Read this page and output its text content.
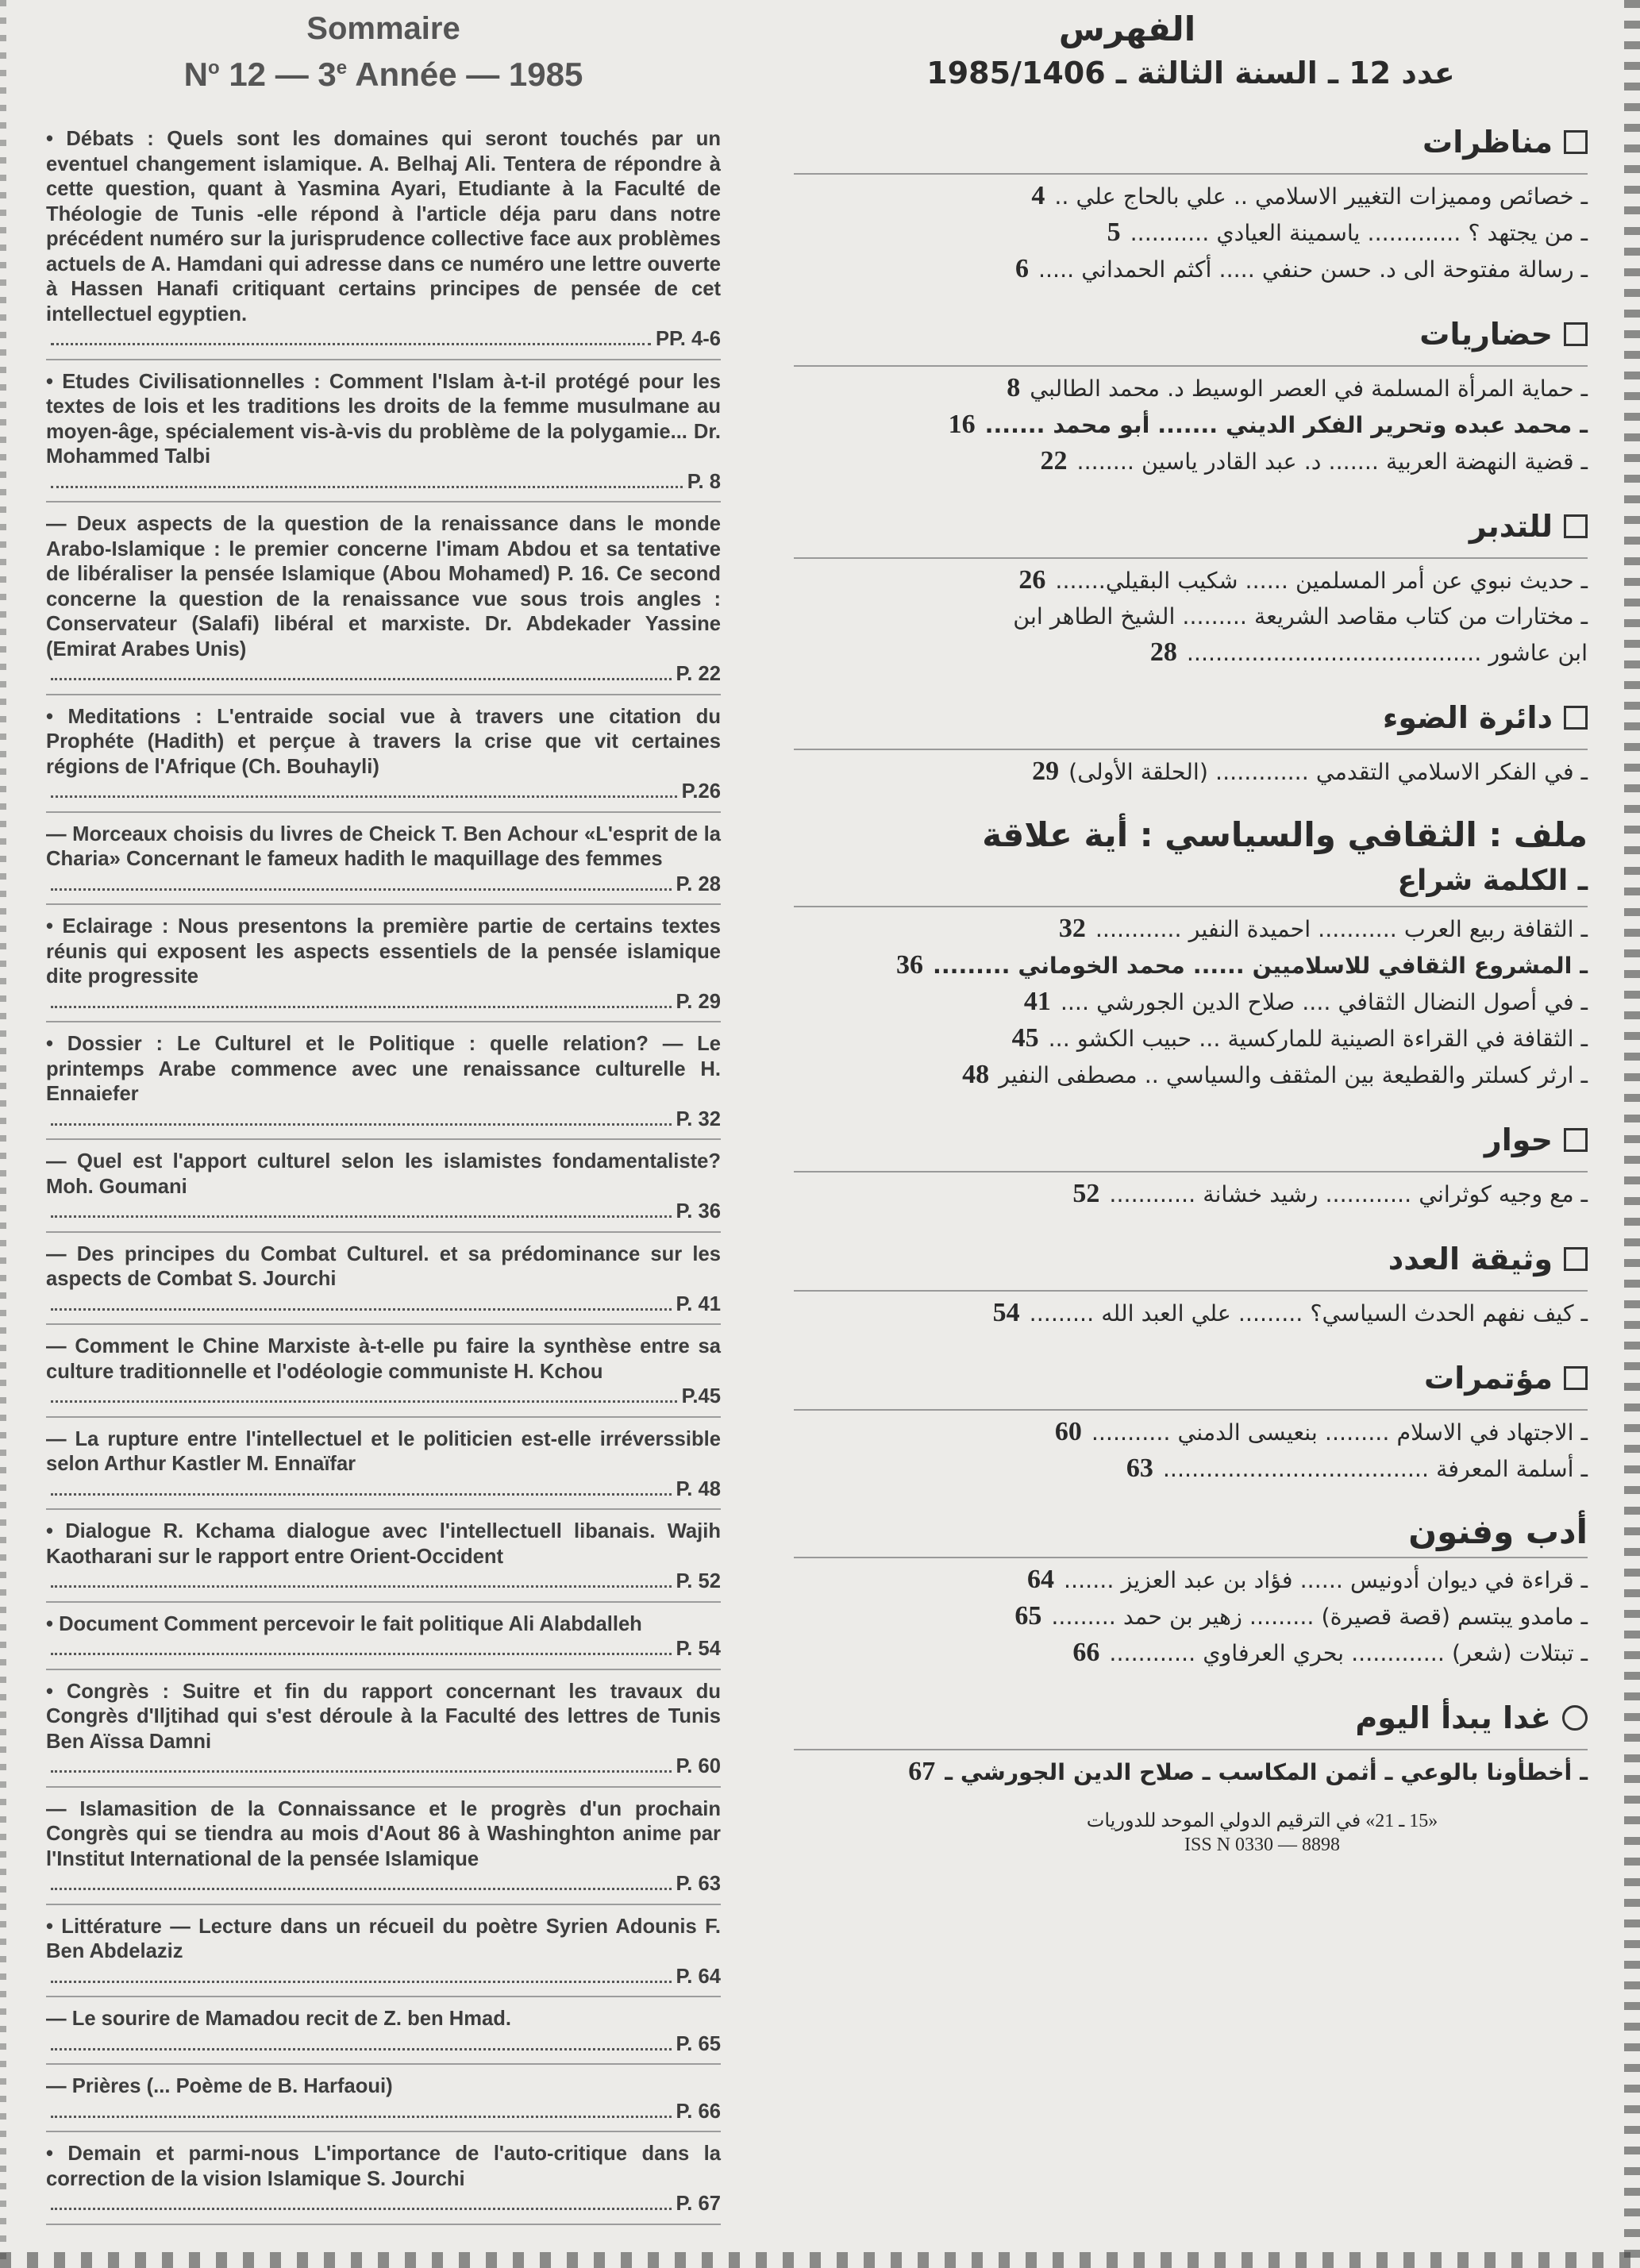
Sommaire
$N^o$ 12 — 3e Année — 1985
• Débats : Quels sont les domaines qui seront touchés par un eventuel changement islamique. A. Belhaj Ali. Tentera de répondre à cette question, quant à Yasmina Ayari, Etudiante à la Faculté de Théologie de Tunis -elle répond à l'article déja paru dans notre précédent numéro sur la jurisprudence collective face aux problèmes actuels de A. Hamdani qui adresse dans ce numéro une lettre ouverte à Hassen Hanafi critiquant certains principes de pensée de cet intellectuel egyptien.
PP. 4-6
• Etudes Civilisationnelles : Comment l'Islam à-t-il protégé pour les textes de lois et les traditions les droits de la femme musulmane au moyen-âge, spécialement vis-à-vis du problème de la polygamie... Dr. Mohammed Talbi
P. 8
— Deux aspects de la question de la renaissance dans le monde Arabo-Islamique : le premier concerne l'imam Abdou et sa tentative de libéraliser la pensée Islamique (Abou Mohamed) P. 16. Ce second concerne la question de la renaissance vue sous trois angles : Conservateur (Salafi) libéral et marxiste. Dr. Abdekader Yassine (Emirat Arabes Unis)
P. 22
• Meditations : L'entraide social vue à travers une citation du Prophéte (Hadith) et perçue à travers la crise que vit certaines régions de l'Afrique (Ch. Bouhayli)
P.26
— Morceaux choisis du livres de Cheick T. Ben Achour «L'esprit de la Charia» Concernant le fameux hadith le maquillage des femmes
P. 28
• Eclairage : Nous presentons la première partie de certains textes réunis qui exposent les aspects essentiels de la pensée islamique dite progressite
P. 29
• Dossier : Le Culturel et le Politique : quelle relation? — Le printemps Arabe commence avec une renaissance culturelle H. Ennaiefer
P. 32
— Quel est l'apport culturel selon les islamistes fondamentaliste? Moh. Goumani
P. 36
— Des principes du Combat Culturel. et sa prédominance sur les aspects de Combat S. Jourchi
P. 41
— Comment le Chine Marxiste à-t-elle pu faire la synthèse entre sa culture traditionnelle et l'odéologie communiste H. Kchou
P.45
— La rupture entre l'intellectuel et le politicien est-elle irréverssible selon Arthur Kastler M. Ennaïfar
P. 48
• Dialogue R. Kchama dialogue avec l'intellectuell libanais. Wajih Kaotharani sur le rapport entre Orient-Occident
P. 52
• Document Comment percevoir le fait politique Ali Alabdalleh
P. 54
• Congrès : Suitre et fin du rapport concernant les travaux du Congrès d'Iljtihad qui s'est déroule à la Faculté des lettres de Tunis Ben Aïssa Damni
P. 60
— Islamasition de la Connaissance et le progrès d'un prochain Congrès qui se tiendra au mois d'Aout 86 à Washinghton anime par l'Institut International de la pensée Islamique
P. 63
• Littérature — Lecture dans un récueil du poètre Syrien Adounis F. Ben Abdelaziz
P. 64
— Le sourire de Mamadou recit de Z. ben Hmad.
P. 65
— Prières (... Poème de B. Harfaoui)
P. 66
• Demain et parmi-nous L'importance de l'auto-critique dans la correction de la vision Islamique S. Jourchi
P. 67
الفهرس
عدد 12 ـ السنة الثالثة ـ 1985/1406
مناظرات
ـ خصائص ومميزات التغيير الاسلامي .. علي بالحاج علي ..
4
ـ من يجتهد ؟ ............. ياسمينة العيادي ...........
5
ـ رسالة مفتوحة الى د. حسن حنفي ..... أكثم الحمداني .....
6
حضاريات
ـ حماية المرأة المسلمة في العصر الوسيط د. محمد الطالبي
8
ـ محمد عبده وتحرير الفكر الديني ....... أبو محمد .......
16
ـ قضية النهضة العربية ....... د. عبد القادر ياسين ........
22
للتدبر
ـ حديث نبوي عن أمر المسلمين ...... شكيب البقيلي.......
26
ـ مختارات من كتاب مقاصد الشريعة ......... الشيخ الطاهر ابن
ابن عاشور .........................................
28
دائرة الضوء
ـ في الفكر الاسلامي التقدمي ............. (الحلقة الأولى)
29
ملف : الثقافي والسياسي : أية علاقة
ـ الكلمة شراع
ـ الثقافة ربيع العرب ........... احميدة النفير ............
32
ـ المشروع الثقافي للاسلاميين ...... محمد الخوماني .........
36
ـ في أصول النضال الثقافي .... صلاح الدين الجورشي ....
41
ـ الثقافة في القراءة الصينية للماركسية ... حبيب الكشو ...
45
ـ ارثر كسلتر والقطيعة بين المثقف والسياسي .. مصطفى النفير
48
حوار
ـ مع وجيه كوثراني ............ رشيد خشانة ............
52
وثيقة العدد
ـ كيف نفهم الحدث السياسي؟ ......... علي العبد الله .........
54
مؤتمرات
ـ الاجتهاد في الاسلام ......... بنعيسى الدمني ...........
60
ـ أسلمة المعرفة .....................................
63
أدب وفنون
ـ قراءة في ديوان أدونيس ...... فؤاد بن عبد العزيز .......
64
ـ مامدو يبتسم (قصة قصيرة) ......... زهير بن حمد .........
65
ـ تبتلات (شعر) ............. بحري العرفاوي ............
66
غدا يبدأ اليوم
ـ أخطأونا بالوعي ـ أثمن المكاسب ـ صلاح الدين الجورشي ـ
67
«15 ـ 21» في الترقيم الدولي الموحد للدوريات
ISS N 0330 — 8898
